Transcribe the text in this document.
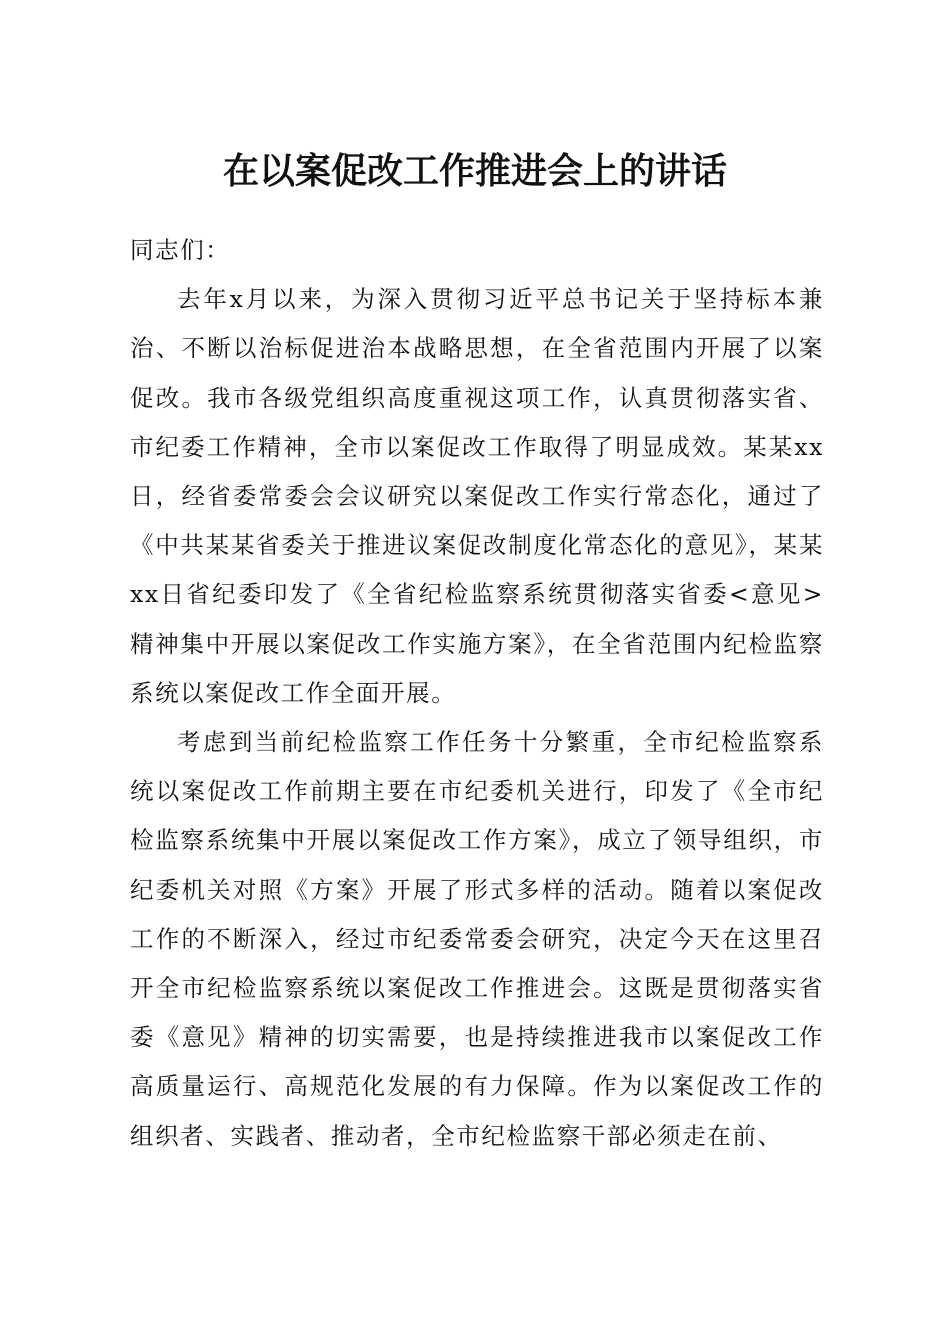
在以案促改工作推进会上的讲话

同志们：

去年x月以来，为深入贯彻习近平总书记关于坚持标本兼治、不断以治标促进治本战略思想，在全省范围内开展了以案促改。我市各级党组织高度重视这项工作，认真贯彻落实省、市纪委工作精神，全市以案促改工作取得了明显成效。某某xx日，经省委常委会会议研究以案促改工作实行常态化，通过了《中共某某省委关于推进议案促改制度化常态化的意见》，某某xx日省纪委印发了《全省纪检监察系统贯彻落实省委<意见>精神集中开展以案促改工作实施方案》，在全省范围内纪检监察系统以案促改工作全面开展。

考虑到当前纪检监察工作任务十分繁重，全市纪检监察系统以案促改工作前期主要在市纪委机关进行，印发了《全市纪检监察系统集中开展以案促改工作方案》，成立了领导组织，市纪委机关对照《方案》开展了形式多样的活动。随着以案促改工作的不断深入，经过市纪委常委会研究，决定今天在这里召开全市纪检监察系统以案促改工作推进会。这既是贯彻落实省委《意见》精神的切实需要，也是持续推进我市以案促改工作高质量运行、高规范化发展的有力保障。作为以案促改工作的组织者、实践者、推动者，全市纪检监察干部必须走在前、
